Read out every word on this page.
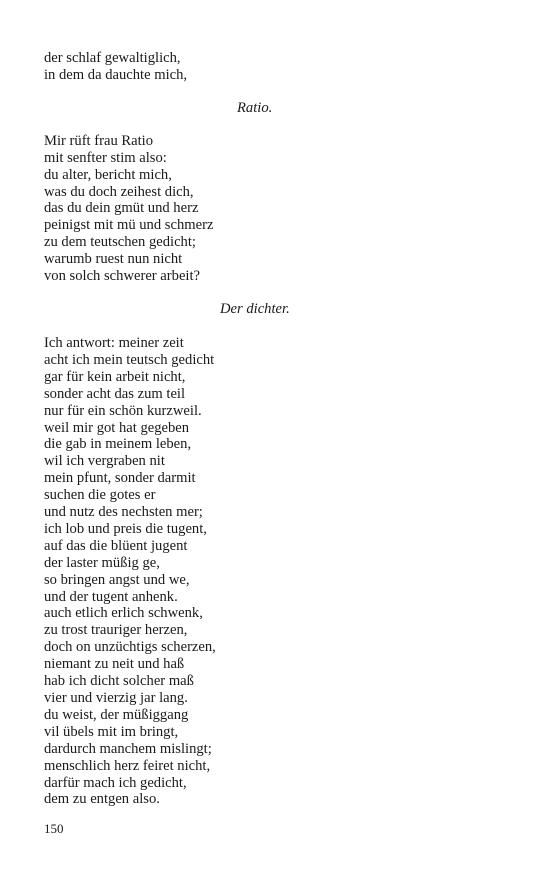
der schlaf gewaltiglich,
in dem da dauchte mich,
Ratio.
Mir rüft frau Ratio
mit senfter stim also:
du alter, bericht mich,
was du doch zeihest dich,
das du dein gmüt und herz
peinigst mit mü und schmerz
zu dem teutschen gedicht;
warumb ruest nun nicht
von solch schwerer arbeit?
Der dichter.
Ich antwort: meiner zeit
acht ich mein teutsch gedicht
gar für kein arbeit nicht,
sonder acht das zum teil
nur für ein schön kurzweil.
weil mir got hat gegeben
die gab in meinem leben,
wil ich vergraben nit
mein pfunt, sonder darmit
suchen die gotes er
und nutz des nechsten mer;
ich lob und preis die tugent,
auf das die blüent jugent
der laster müßig ge,
so bringen angst und we,
und der tugent anhenk.
auch etlich erlich schwenk,
zu trost trauriger herzen,
doch on unzüchtigs scherzen,
niemant zu neit und haß
hab ich dicht solcher maß
vier und vierzig jar lang.
du weist, der müßiggang
vil übels mit im bringt,
dardurch manchem mislingt;
menschlich herz feiret nicht,
darfür mach ich gedicht,
dem zu entgen also.
150
